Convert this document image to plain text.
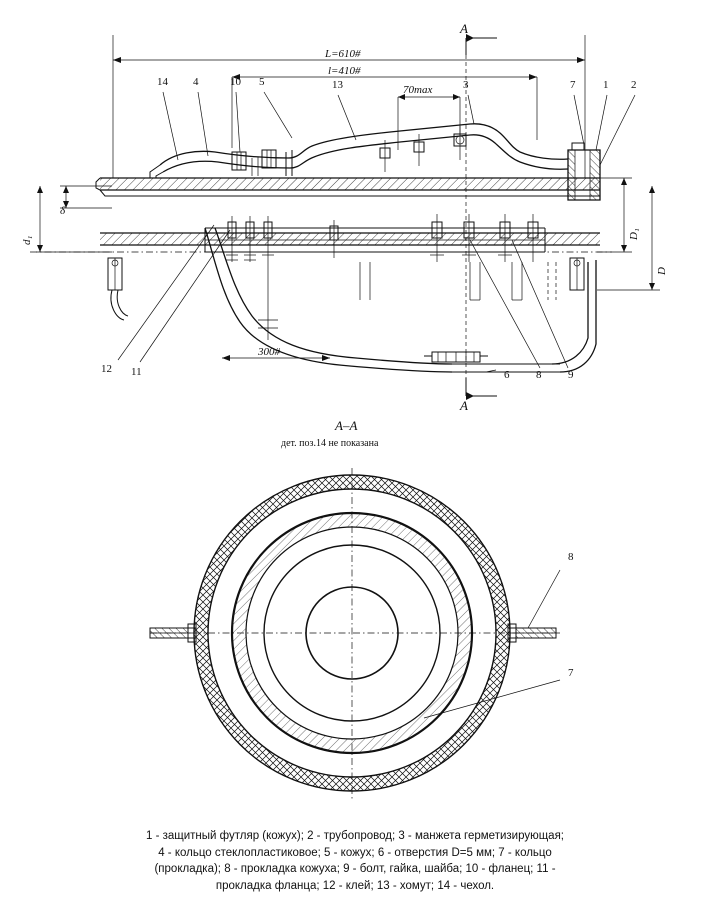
L=610#
l=410#
70max
300#
A
A
δ
d₁
D₁
D
14 4	10 5	13	3	7	1 2
12 11	6 8 9
8
7
A–A
дет. поз.14 не показана
1 - защитный футляр (кожух); 2 - трубопровод; 3 - манжета герметизирующая;
4 - кольцо стеклопластиковое; 5 - кожух; 6 - отверстия D=5 мм; 7 - кольцо
(прокладка); 8 - прокладка кожуха; 9 - болт, гайка, шайба; 10 - фланец; 11 -
прокладка фланца; 12 - клей; 13 - хомут; 14 - чехол.
